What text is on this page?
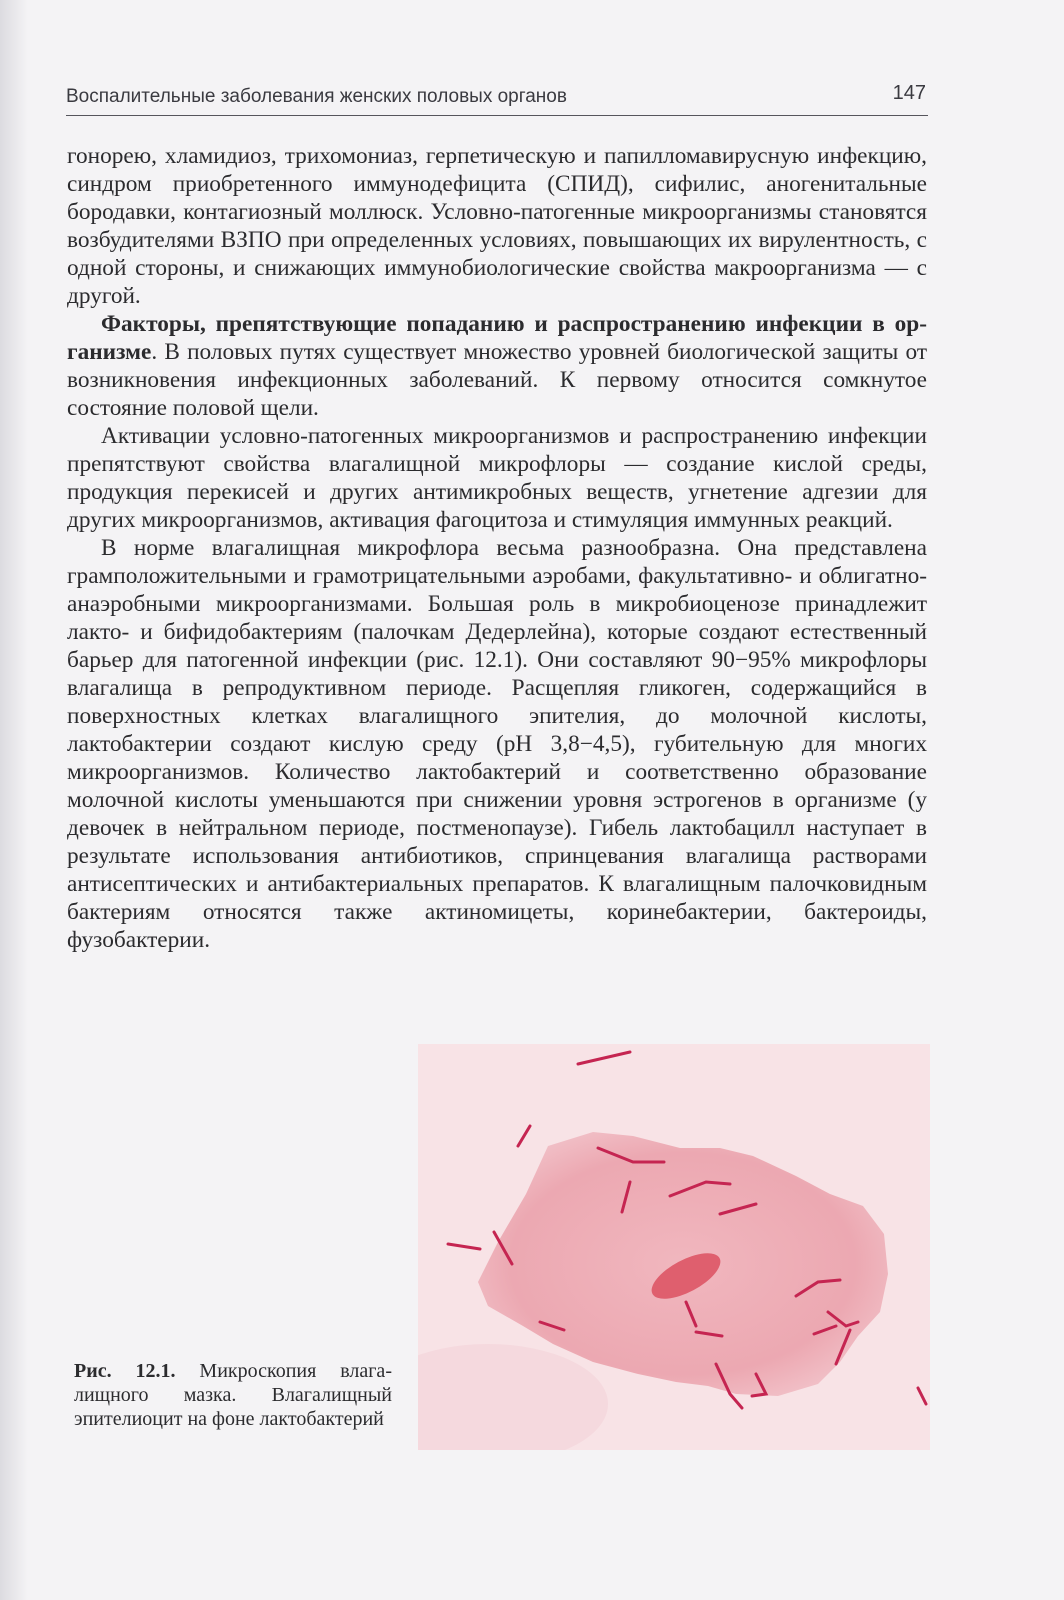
Воспалительные заболевания женских половых органов	147

гонорею, хламидиоз, трихомониаз, герпетическую и папилломавирусную инфекцию, синдром приобретенного иммунодефицита (СПИД), сифилис, аногенитальные бородавки, контагиозный моллюск. Условно-патогенные микроорганизмы становятся возбудителями ВЗПО при определенных условиях, повышающих их вирулентность, с одной стороны, и снижающих иммунобиологические свойства макроорганизма — с другой.

Факторы, препятствующие попаданию и распространению инфекции в организме. В половых путях существует множество уровней биологической защиты от возникновения инфекционных заболеваний. К первому относится сомкнутое состояние половой щели.

Активации условно-патогенных микроорганизмов и распространению инфекции препятствуют свойства влагалищной микрофлоры — создание кислой среды, продукция перекисей и других антимикробных веществ, угнетение адгезии для других микроорганизмов, активация фагоцитоза и стимуляция иммунных реакций.

В норме влагалищная микрофлора весьма разнообразна. Она представлена грамположительными и грамотрицательными аэробами, факультативно- и облигатно-анаэробными микроорганизмами. Большая роль в микробиоценозе принадлежит лакто- и бифидобактериям (палочкам Дедерлейна), которые создают естественный барьер для патогенной инфекции (рис. 12.1). Они составляют 90−95% микрофлоры влагалища в репродуктивном периоде. Расщепляя гликоген, содержащийся в поверхностных клетках влагалищного эпителия, до молочной кислоты, лактобактерии создают кислую среду (pH 3,8−4,5), губительную для многих микроорганизмов. Количество лактобактерий и соответственно образование молочной кислоты уменьшаются при снижении уровня эстрогенов в организме (у девочек в нейтральном периоде, постменопаузе). Гибель лактобацилл наступает в результате использования антибиотиков, спринцевания влагалища растворами антисептических и антибактериальных препаратов. К влагалищным палочковидным бактериям относятся также актиномицеты, коринебактерии, бактероиды, фузобактерии.

Рис. 12.1. Микроскопия влагалищного мазка. Влагалищный эпителиоцит на фоне лактобактерий
